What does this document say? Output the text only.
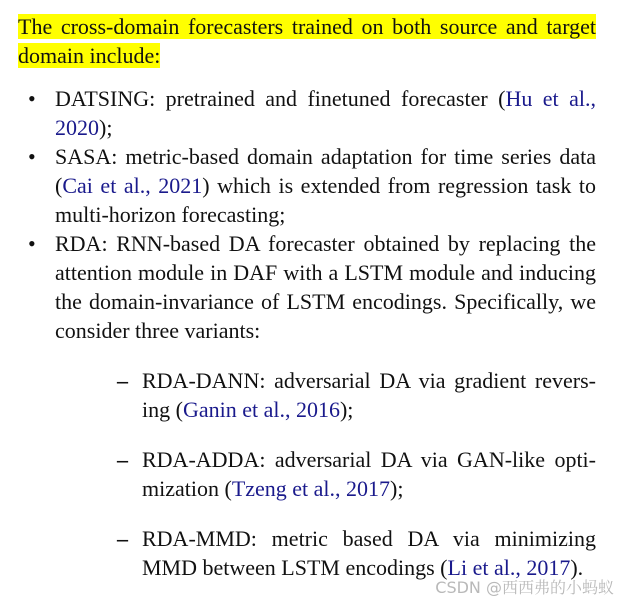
The cross-domain forecasters trained on both source and target domain include:

• DATSING: pretrained and finetuned forecaster (Hu et al., 2020);
• SASA: metric-based domain adaptation for time series data (Cai et al., 2021) which is extended from regression task to multi-horizon forecasting;
• RDA: RNN-based DA forecaster obtained by replacing the attention module in DAF with a LSTM module and inducing the domain-invariance of LSTM encodings. Specifically, we consider three variants:
– RDA-DANN: adversarial DA via gradient revers-ing (Ganin et al., 2016);
– RDA-ADDA: adversarial DA via GAN-like opti-mization (Tzeng et al., 2017);
– RDA-MMD: metric based DA via minimizing MMD between LSTM encodings (Li et al., 2017).
CSDN @西西弗的小蚂蚁
